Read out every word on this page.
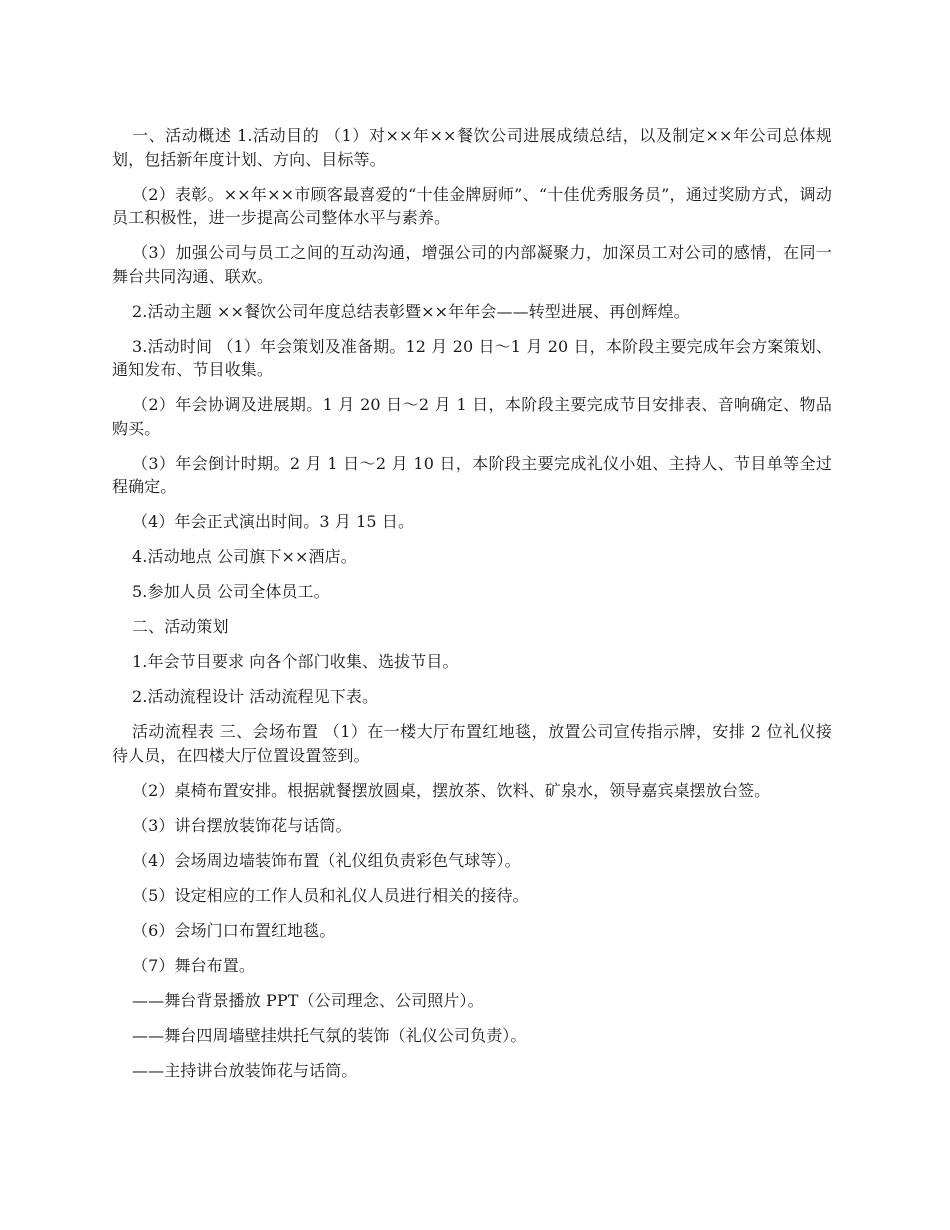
一、活动概述 1.活动目的 （1）对××年××餐饮公司进展成绩总结，以及制定××年公司总体规划，包括新年度计划、方向、目标等。

（2）表彰。××年××市顾客最喜爱的“十佳金牌厨师”、“十佳优秀服务员”，通过奖励方式，调动员工积极性，进一步提高公司整体水平与素养。

（3）加强公司与员工之间的互动沟通，增强公司的内部凝聚力，加深员工对公司的感情，在同一舞台共同沟通、联欢。

2.活动主题 ××餐饮公司年度总结表彰暨××年年会——转型进展、再创辉煌。

3.活动时间 （1）年会策划及准备期。12 月 20 日～1 月 20 日，本阶段主要完成年会方案策划、通知发布、节目收集。

（2）年会协调及进展期。1 月 20 日～2 月 1 日，本阶段主要完成节目安排表、音响确定、物品购买。

（3）年会倒计时期。2 月 1 日～2 月 10 日，本阶段主要完成礼仪小姐、主持人、节目单等全过程确定。

（4）年会正式演出时间。3 月 15 日。

4.活动地点 公司旗下××酒店。

5.参加人员 公司全体员工。

二、活动策划

1.年会节目要求 向各个部门收集、选拔节目。

2.活动流程设计 活动流程见下表。

活动流程表 三、会场布置 （1）在一楼大厅布置红地毯，放置公司宣传指示牌，安排 2 位礼仪接待人员，在四楼大厅位置设置签到。

（2）桌椅布置安排。根据就餐摆放圆桌，摆放茶、饮料、矿泉水，领导嘉宾桌摆放台签。

（3）讲台摆放装饰花与话筒。

（4）会场周边墙装饰布置（礼仪组负责彩色气球等）。

（5）设定相应的工作人员和礼仪人员进行相关的接待。

（6）会场门口布置红地毯。

（7）舞台布置。

——舞台背景播放 PPT（公司理念、公司照片）。

——舞台四周墙壁挂烘托气氛的装饰（礼仪公司负责）。

——主持讲台放装饰花与话筒。
